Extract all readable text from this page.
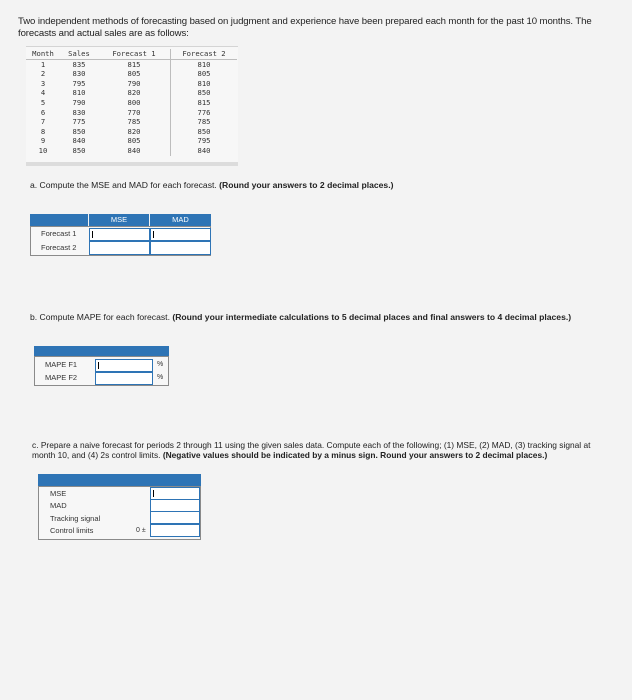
Two independent methods of forecasting based on judgment and experience have been prepared each month for the past 10 months. The forecasts and actual sales are as follows:
Month	Sales	Forecast 1	Forecast 2
1	835	815	810
2	830	805	805
3	795	790	810
4	810	820	850
5	790	800	815
6	830	770	776
7	775	785	785
8	850	820	850
9	840	805	795
10	850	840	840
a. Compute the MSE and MAD for each forecast. (Round your answers to 2 decimal places.)
MSE	MAD
Forecast 1
Forecast 2
b. Compute MAPE for each forecast. (Round your intermediate calculations to 5 decimal places and final answers to 4 decimal places.)
MAPE F1
MAPE F2
%
%
c. Prepare a naive forecast for periods 2 through 11 using the given sales data. Compute each of the following; (1) MSE, (2) MAD, (3) tracking signal at month 10, and (4) 2s control limits. (Negative values should be indicated by a minus sign. Round your answers to 2 decimal places.)
MSE
MAD
Tracking signal
Control limits	0 ±
